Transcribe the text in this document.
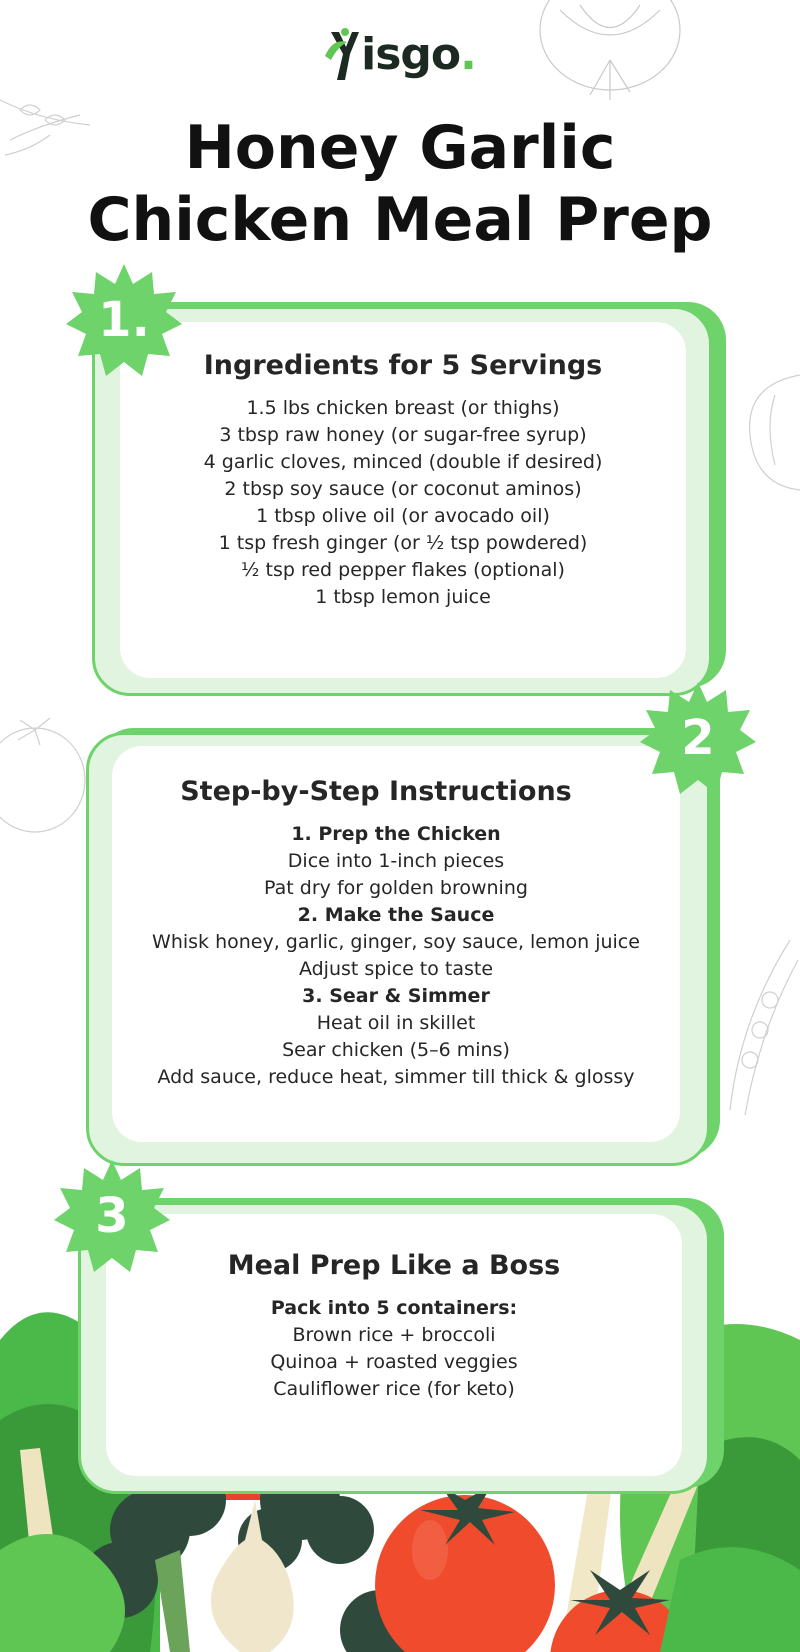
isgo .
Honey Garlic
Chicken Meal Prep
Ingredients for 5 Servings
1.5 lbs chicken breast (or thighs)
3 tbsp raw honey (or sugar-free syrup)
4 garlic cloves, minced (double if desired)
2 tbsp soy sauce (or coconut aminos)
1 tbsp olive oil (or avocado oil)
1 tsp fresh ginger (or ½ tsp powdered)
½ tsp red pepper flakes (optional)
1 tbsp lemon juice
1.
Step-by-Step Instructions
1. Prep the Chicken
Dice into 1-inch pieces
Pat dry for golden browning
2. Make the Sauce
Whisk honey, garlic, ginger, soy sauce, lemon juice
Adjust spice to taste
3. Sear & Simmer
Heat oil in skillet
Sear chicken (5–6 mins)
Add sauce, reduce heat, simmer till thick & glossy
2
Meal Prep Like a Boss
Pack into 5 containers:
Brown rice + broccoli
Quinoa + roasted veggies
Cauliflower rice (for keto)
3
